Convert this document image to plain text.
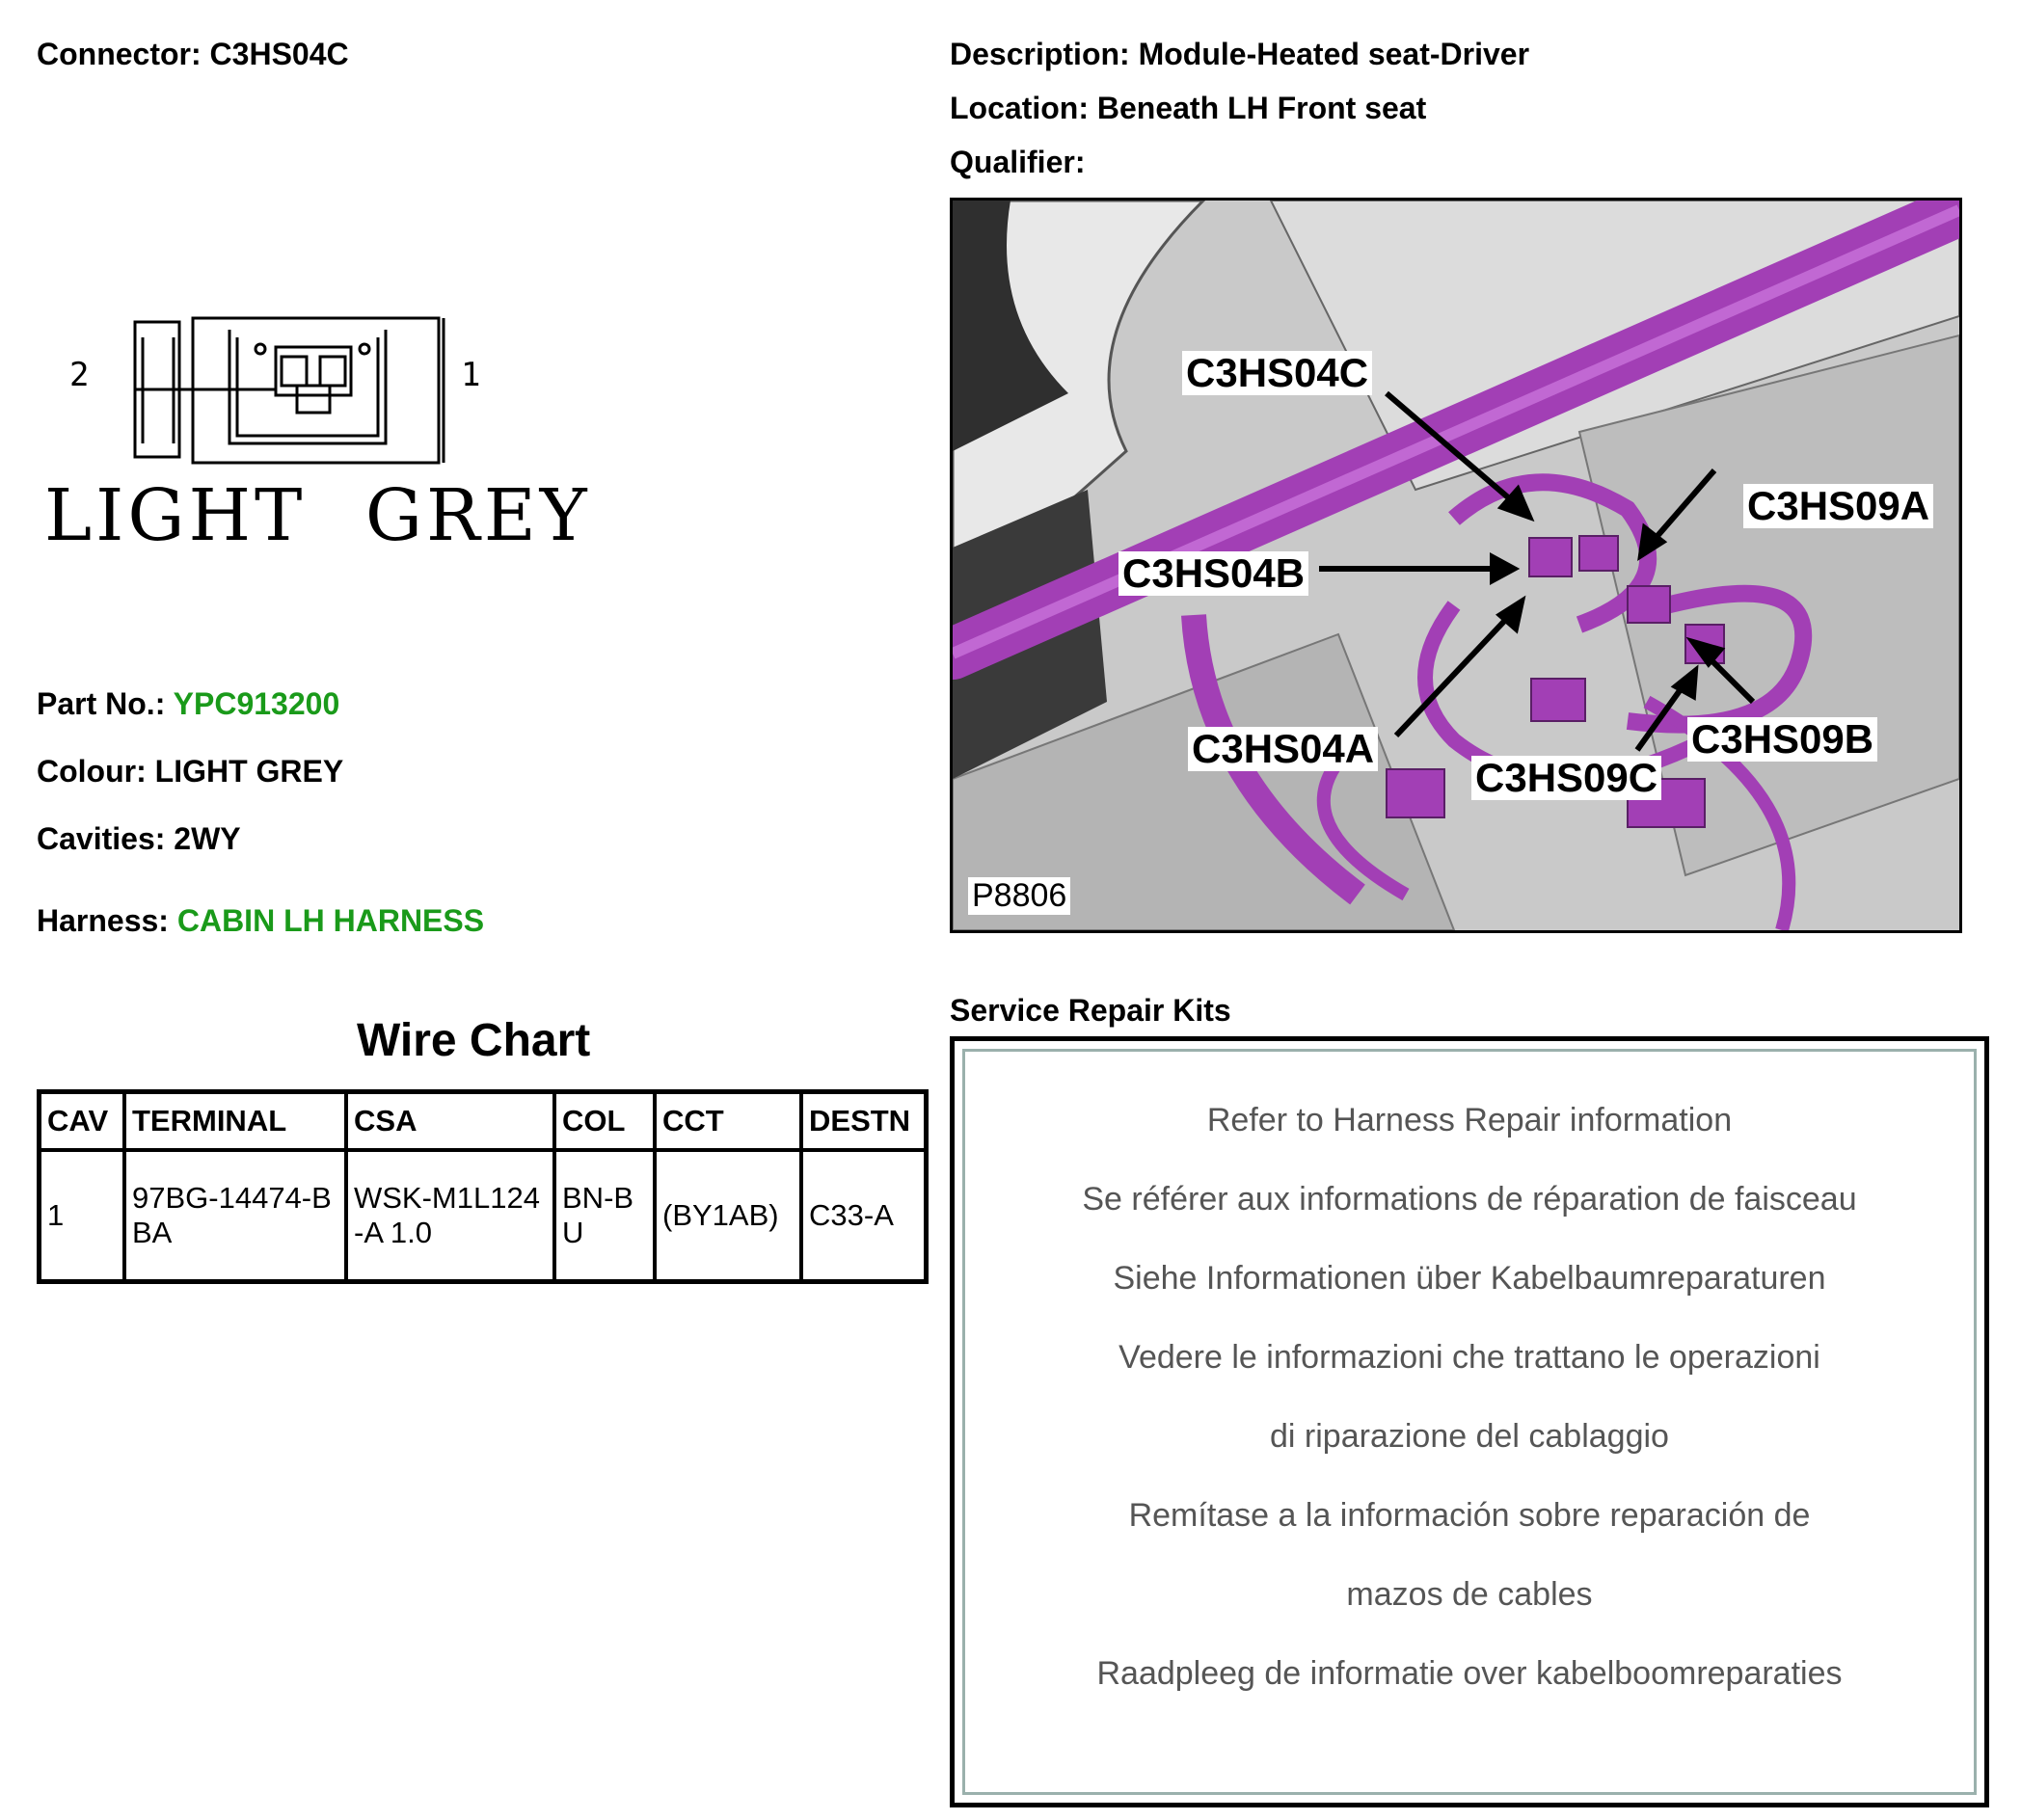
Connector: C3HS04C	Description: Module-Heated seat-Driver
Location: Beneath LH Front seat
Qualifier:
2	1
LIGHT GREY
Part No.: YPC913200
Colour: LIGHT GREY
Cavities: 2WY
Harness: CABIN LH HARNESS
Wire Chart
CAV	TERMINAL	CSA	COL	CCT	DESTN
1	97BG-14474-BBA	WSK-M1L124-A 1.0	BN-BU	(BY1AB)	C33-A
C3HS04C
C3HS04B
C3HS04A
C3HS09A
C3HS09B
C3HS09C
P8806
Service Repair Kits
Refer to Harness Repair information
Se référer aux informations de réparation de faisceau
Siehe Informationen über Kabelbaumreparaturen
Vedere le informazioni che trattano le operazioni
di riparazione del cablaggio
Remítase a la información sobre reparación de
mazos de cables
Raadpleeg de informatie over kabelboomreparaties
